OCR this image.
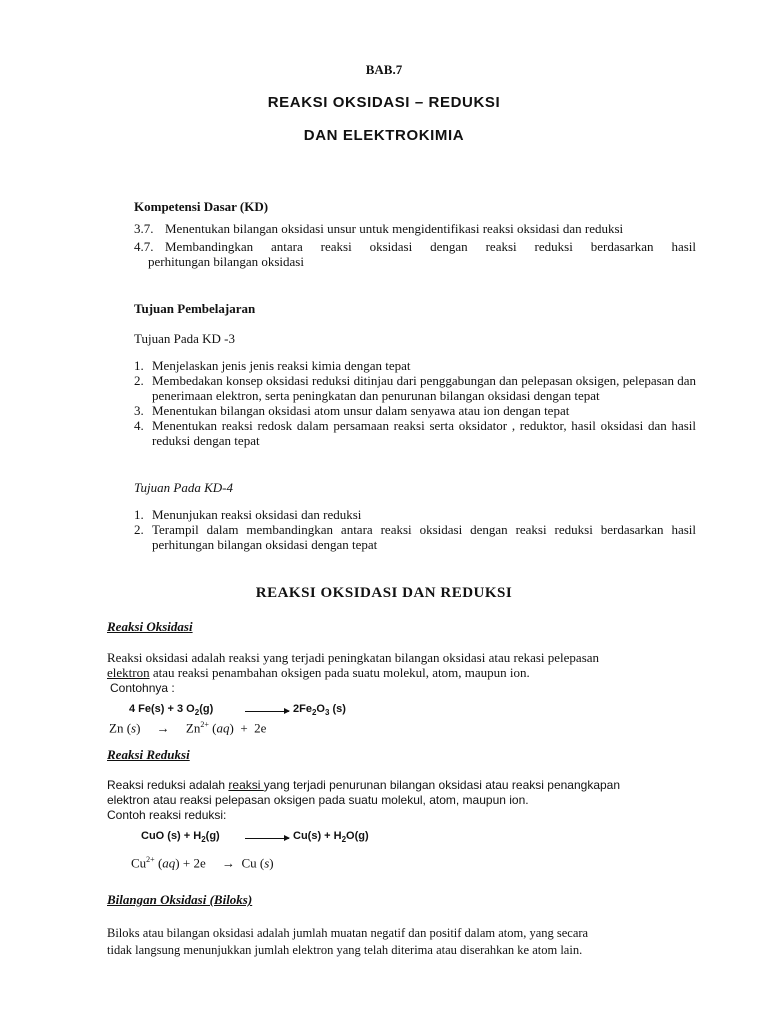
BAB.7
REAKSI OKSIDASI – REDUKSI
DAN ELEKTROKIMIA
Kompetensi Dasar (KD)
3.7. Menentukan bilangan oksidasi unsur untuk mengidentifikasi reaksi oksidasi dan reduksi
4.7. Membandingkan antara reaksi oksidasi dengan reaksi reduksi berdasarkan hasil
perhitungan bilangan oksidasi
Tujuan Pembelajaran
Tujuan Pada KD -3
1. Menjelaskan jenis jenis reaksi kimia dengan tepat
2. Membedakan konsep oksidasi reduksi ditinjau dari penggabungan dan pelepasan oksigen, pelepasan dan penerimaan elektron, serta peningkatan dan penurunan bilangan oksidasi dengan tepat
3. Menentukan bilangan oksidasi atom unsur dalam senyawa atau ion dengan tepat
4. Menentukan reaksi redosk dalam persamaan reaksi serta oksidator , reduktor, hasil oksidasi dan hasil reduksi dengan tepat
Tujuan Pada KD-4
1. Menunjukan reaksi oksidasi dan reduksi
2. Terampil dalam membandingkan antara reaksi oksidasi dengan reaksi reduksi berdasarkan hasil perhitungan bilangan oksidasi dengan tepat
REAKSI OKSIDASI DAN REDUKSI
Reaksi Oksidasi
Reaksi oksidasi adalah reaksi yang terjadi peningkatan bilangan oksidasi atau rekasi pelepasan
elektron atau reaksi penambahan oksigen pada suatu molekul, atom, maupun ion.
Contohnya :
4 Fe(s) + 3 $O_2(g) \to 2Fe_2O_3$ (s)
Zn (s)     →     $Zn^{2+}$ (aq)  +  2e
Reaksi Reduksi
Reaksi reduksi adalah reaksi yang terjadi penurunan bilangan oksidasi atau reaksi penangkapan
elektron atau reaksi pelepasan oksigen pada suatu molekul, atom, maupun ion.
Contoh reaksi reduksi:
CuO $(s) + H_2(g) \to Cu(s) + H_2O(g)$
$Cu^{2+}$ (aq) + 2e     →  Cu (s)
Bilangan Oksidasi (Biloks)
Biloks atau bilangan oksidasi adalah jumlah muatan negatif dan positif dalam atom, yang secara
tidak langsung menunjukkan jumlah elektron yang telah diterima atau diserahkan ke atom lain.
